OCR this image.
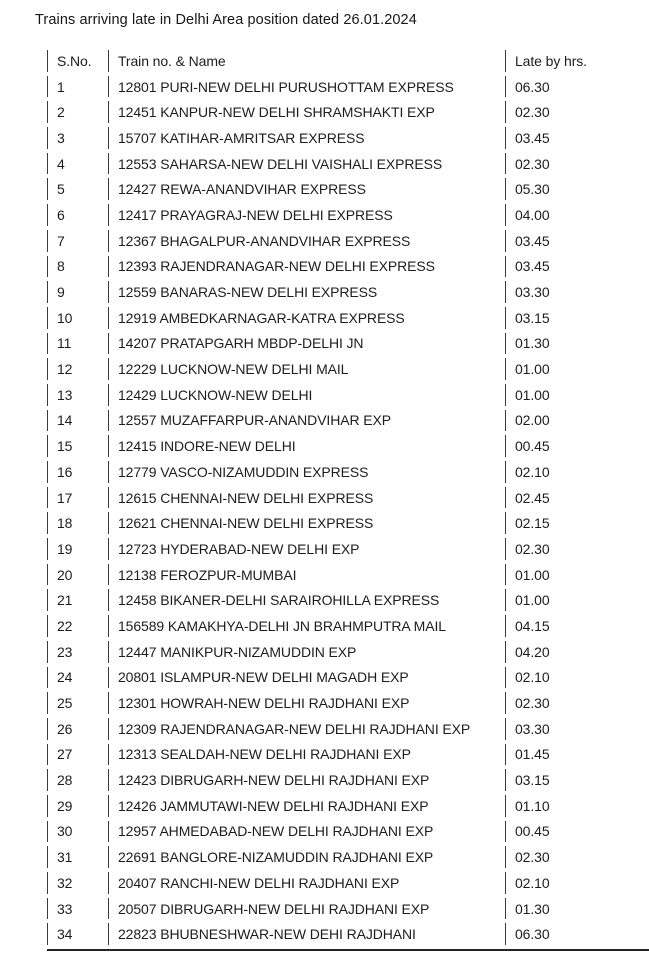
Trains arriving late in Delhi Area position dated 26.01.2024
S.No.	Train no. & Name	Late by hrs.
1	12801 PURI-NEW DELHI PURUSHOTTAM EXPRESS	06.30
2	12451 KANPUR-NEW DELHI SHRAMSHAKTI EXP	02.30
3	15707 KATIHAR-AMRITSAR EXPRESS	03.45
4	12553 SAHARSA-NEW DELHI VAISHALI EXPRESS	02.30
5	12427 REWA-ANANDVIHAR EXPRESS	05.30
6	12417 PRAYAGRAJ-NEW DELHI EXPRESS	04.00
7	12367 BHAGALPUR-ANANDVIHAR EXPRESS	03.45
8	12393 RAJENDRANAGAR-NEW DELHI EXPRESS	03.45
9	12559 BANARAS-NEW DELHI EXPRESS	03.30
10	12919 AMBEDKARNAGAR-KATRA EXPRESS	03.15
11	14207 PRATAPGARH MBDP-DELHI JN	01.30
12	12229 LUCKNOW-NEW DELHI MAIL	01.00
13	12429 LUCKNOW-NEW DELHI	01.00
14	12557 MUZAFFARPUR-ANANDVIHAR EXP	02.00
15	12415 INDORE-NEW DELHI	00.45
16	12779 VASCO-NIZAMUDDIN EXPRESS	02.10
17	12615 CHENNAI-NEW DELHI EXPRESS	02.45
18	12621 CHENNAI-NEW DELHI EXPRESS	02.15
19	12723 HYDERABAD-NEW DELHI EXP	02.30
20	12138 FEROZPUR-MUMBAI	01.00
21	12458 BIKANER-DELHI SARAIROHILLA EXPRESS	01.00
22	156589 KAMAKHYA-DELHI JN BRAHMPUTRA MAIL	04.15
23	12447 MANIKPUR-NIZAMUDDIN EXP	04.20
24	20801 ISLAMPUR-NEW DELHI MAGADH EXP	02.10
25	12301 HOWRAH-NEW DELHI RAJDHANI EXP	02.30
26	12309 RAJENDRANAGAR-NEW DELHI RAJDHANI EXP	03.30
27	12313 SEALDAH-NEW DELHI RAJDHANI EXP	01.45
28	12423 DIBRUGARH-NEW DELHI RAJDHANI EXP	03.15
29	12426 JAMMUTAWI-NEW DELHI RAJDHANI EXP	01.10
30	12957 AHMEDABAD-NEW DELHI RAJDHANI EXP	00.45
31	22691 BANGLORE-NIZAMUDDIN RAJDHANI EXP	02.30
32	20407 RANCHI-NEW DELHI RAJDHANI EXP	02.10
33	20507 DIBRUGARH-NEW DELHI RAJDHANI EXP	01.30
34	22823 BHUBNESHWAR-NEW DEHI RAJDHANI	06.30
